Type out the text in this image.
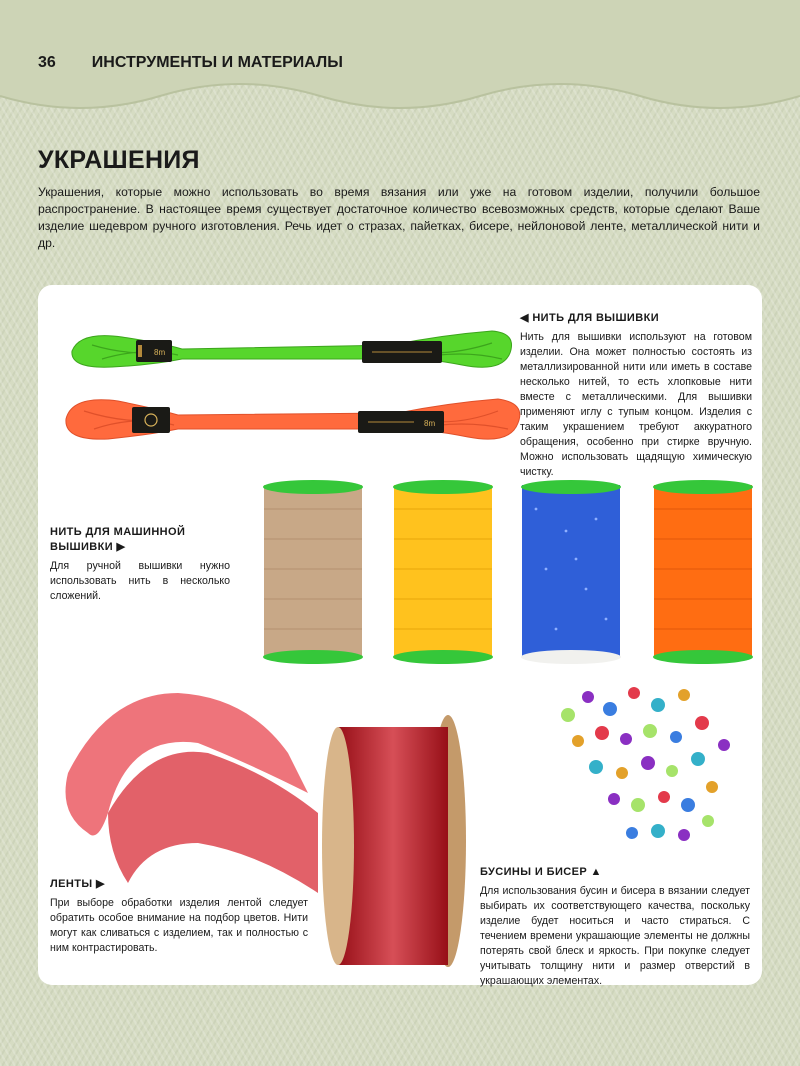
36 ИНСТРУМЕНТЫ И МАТЕРИАЛЫ
УКРАШЕНИЯ

Украшения, которые можно использовать во время вязания или уже на готовом изделии, получили большое распространение. В настоящее время существует достаточное количество всевозможных средств, которые сделают Ваше изделие шедевром ручного изготовления. Речь идет о стразах, пайетках, бисере, нейлоновой ленте, металлической нити и др.

8m
8m
◀ НИТЬ ДЛЯ ВЫШИВКИ

Нить для вышивки используют на готовом изделии. Она может полностью состоять из металлизированной нити или иметь в составе несколько нитей, то есть хлопковые нити вместе с металлическими. Для вышивки применяют иглу с тупым концом. Изделия с таким украшением требуют аккуратного обращения, особенно при стирке вручную. Можно использовать щадящую химическую чистку.

НИТЬ ДЛЯ МАШИННОЙ ВЫШИВКИ ▶

Для ручной вышивки нужно использовать нить в несколько сложений.

ЛЕНТЫ ▶

При выборе обработки изделия лентой следует обратить особое внимание на подбор цветов. Нити могут как сливаться с изделием, так и полностью с ним контрастировать.

БУСИНЫ И БИСЕР ▲

Для использования бусин и бисера в вязании следует выбирать их соответствующего качества, поскольку изделие будет носиться и часто стираться. С течением времени украшающие элементы не должны потерять свой блеск и яркость. При покупке следует учитывать толщину нити и размер отверстий в украшающих элементах.
